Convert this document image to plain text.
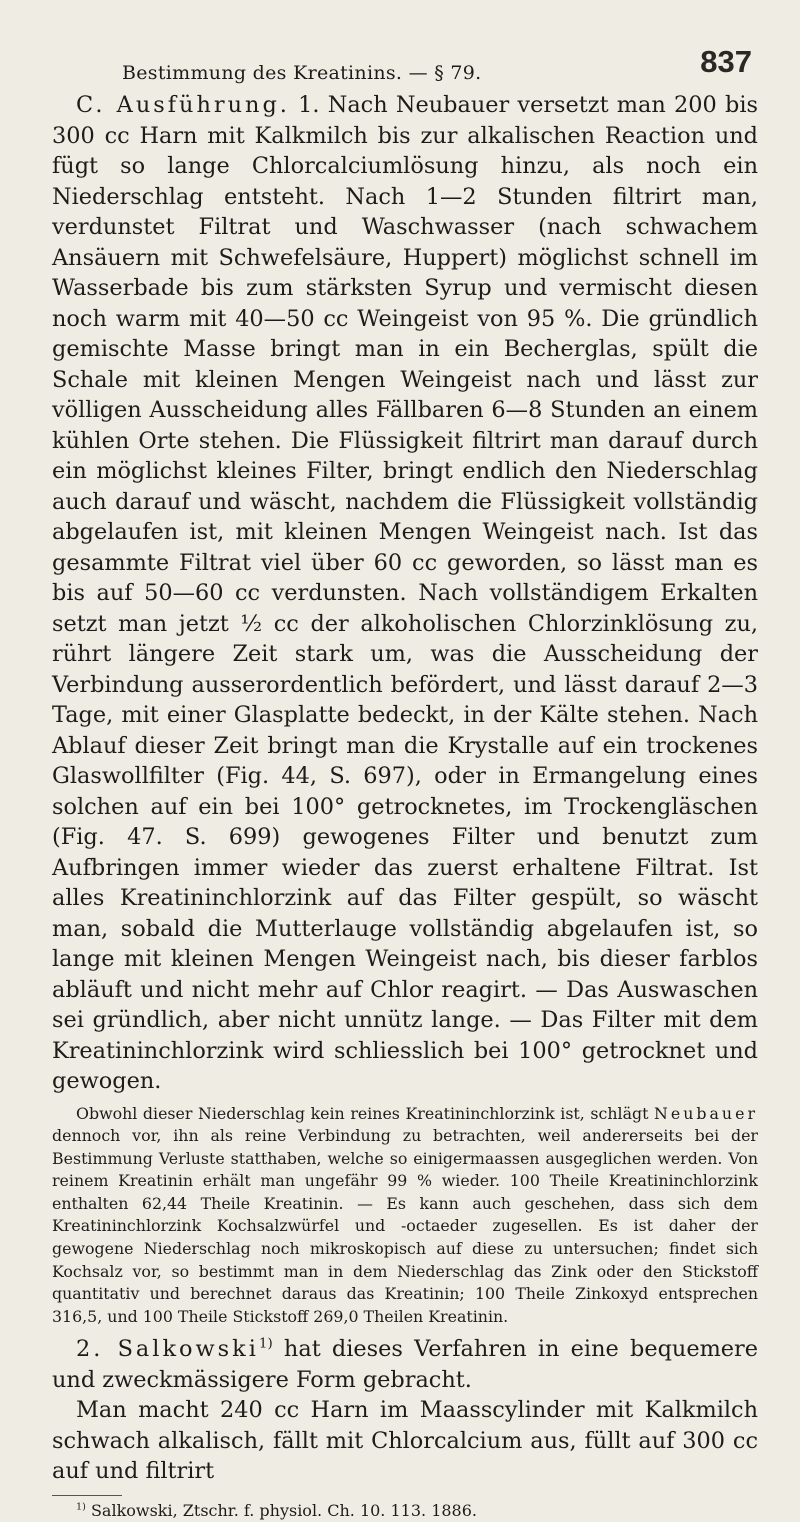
Bestimmung des Kreatinins. — § 79.	837

C. Ausführung. 1. Nach Neubauer versetzt man 200 bis 300 cc Harn mit Kalkmilch bis zur alkalischen Reaction und fügt so lange Chlorcalciumlösung hinzu, als noch ein Niederschlag entsteht. Nach 1—2 Stunden filtrirt man, verdunstet Filtrat und Waschwasser (nach schwachem Ansäuern mit Schwefelsäure, Huppert) möglichst schnell im Wasserbade bis zum stärksten Syrup und vermischt diesen noch warm mit 40—50 cc Weingeist von 95 %. Die gründlich gemischte Masse bringt man in ein Becherglas, spült die Schale mit kleinen Mengen Weingeist nach und lässt zur völligen Ausscheidung alles Fällbaren 6—8 Stunden an einem kühlen Orte stehen. Die Flüssigkeit filtrirt man darauf durch ein möglichst kleines Filter, bringt endlich den Niederschlag auch darauf und wäscht, nachdem die Flüssigkeit vollständig abgelaufen ist, mit kleinen Mengen Weingeist nach. Ist das gesammte Filtrat viel über 60 cc geworden, so lässt man es bis auf 50—60 cc verdunsten. Nach vollständigem Erkalten setzt man jetzt ½ cc der alkoholischen Chlorzinklösung zu, rührt längere Zeit stark um, was die Ausscheidung der Verbindung ausserordentlich befördert, und lässt darauf 2—3 Tage, mit einer Glasplatte bedeckt, in der Kälte stehen. Nach Ablauf dieser Zeit bringt man die Krystalle auf ein trockenes Glaswollfilter (Fig. 44, S. 697), oder in Ermangelung eines solchen auf ein bei 100° getrocknetes, im Trockengläschen (Fig. 47. S. 699) gewogenes Filter und benutzt zum Aufbringen immer wieder das zuerst erhaltene Filtrat. Ist alles Kreatininchlorzink auf das Filter gespült, so wäscht man, sobald die Mutterlauge vollständig abgelaufen ist, so lange mit kleinen Mengen Weingeist nach, bis dieser farblos abläuft und nicht mehr auf Chlor reagirt. — Das Auswaschen sei gründlich, aber nicht unnütz lange. — Das Filter mit dem Kreatininchlorzink wird schliesslich bei 100° getrocknet und gewogen.

Obwohl dieser Niederschlag kein reines Kreatininchlorzink ist, schlägt Neubauer dennoch vor, ihn als reine Verbindung zu betrachten, weil andererseits bei der Bestimmung Verluste statthaben, welche so einigermaassen ausgeglichen werden. Von reinem Kreatinin erhält man ungefähr 99 % wieder. 100 Theile Kreatininchlorzink enthalten 62,44 Theile Kreatinin. — Es kann auch geschehen, dass sich dem Kreatininchlorzink Kochsalzwürfel und -octaeder zugesellen. Es ist daher der gewogene Niederschlag noch mikroskopisch auf diese zu untersuchen; findet sich Kochsalz vor, so bestimmt man in dem Niederschlag das Zink oder den Stickstoff quantitativ und berechnet daraus das Kreatinin; 100 Theile Zinkoxyd entsprechen 316,5, und 100 Theile Stickstoff 269,0 Theilen Kreatinin.

2. Salkowski$^{1)}$ hat dieses Verfahren in eine bequemere und zweckmässigere Form gebracht.

Man macht 240 cc Harn im Maasscylinder mit Kalkmilch schwach alkalisch, fällt mit Chlorcalcium aus, füllt auf 300 cc auf und filtrirt

$^{1)}$ Salkowski, Ztschr. f. physiol. Ch. 10. 113. 1886.
